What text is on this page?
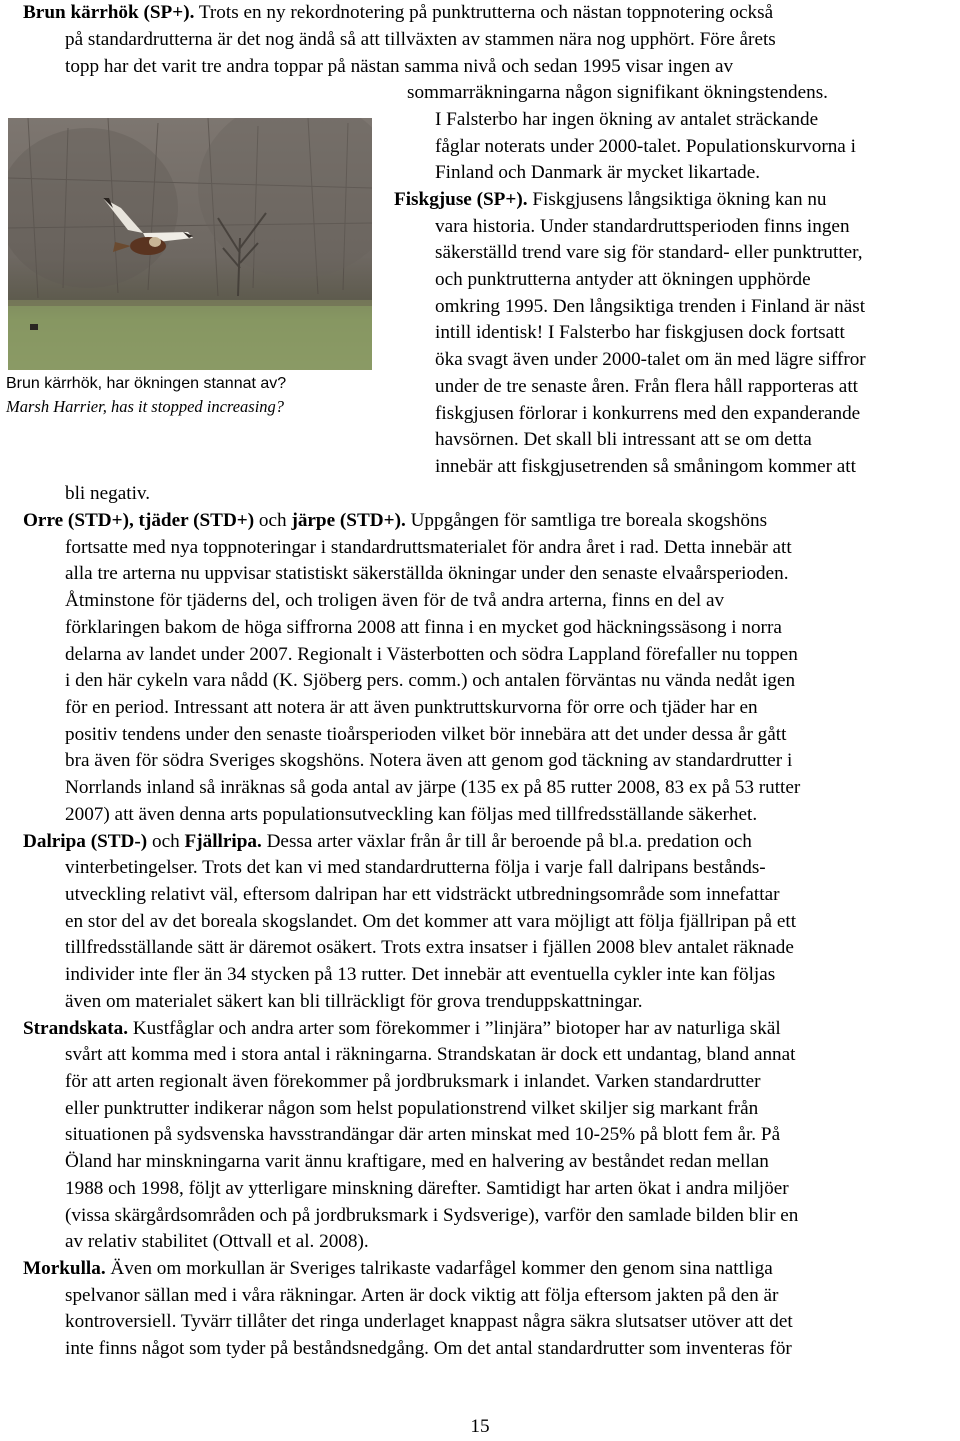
Brun kärrhök (SP+). Trots en ny rekordnotering på punktrutterna och nästan toppnotering också
på standardrutterna är det nog ändå så att tillväxten av stammen nära nog upphört. Före årets
topp har det varit tre andra toppar på nästan samma nivå och sedan 1995 visar ingen av
sommarräkningarna någon signifikant ökningstendens.
I Falsterbo har ingen ökning av antalet sträckande
fåglar noterats under 2000-talet. Populationskurvorna i
Finland och Danmark är mycket likartade.
Fiskgjuse (SP+). Fiskgjusens långsiktiga ökning kan nu
vara historia. Under standardruttsperioden finns ingen
säkerställd trend vare sig för standard- eller punktrutter,
och punktrutterna antyder att ökningen upphörde
omkring 1995. Den långsiktiga trenden i Finland är näst
intill identisk! I Falsterbo har fiskgjusen dock fortsatt
öka svagt även under 2000-talet om än med lägre siffror
under de tre senaste åren. Från flera håll rapporteras att
fiskgjusen förlorar i konkurrens med den expanderande
havsörnen. Det skall bli intressant att se om detta
innebär att fiskgjusetrenden så småningom kommer att
bli negativ.
Brun kärrhök, har ökningen stannat av?
Marsh Harrier, has it stopped increasing?
Orre (STD+), tjäder (STD+) och järpe (STD+). Uppgången för samtliga tre boreala skogshöns
fortsatte med nya toppnoteringar i standardruttsmaterialet för andra året i rad. Detta innebär att
alla tre arterna nu uppvisar statistiskt säkerställda ökningar under den senaste elvaårsperioden.
Åtminstone för tjäderns del, och troligen även för de två andra arterna, finns en del av
förklaringen bakom de höga siffrorna 2008 att finna i en mycket god häckningssäsong i norra
delarna av landet under 2007. Regionalt i Västerbotten och södra Lappland förefaller nu toppen
i den här cykeln vara nådd (K. Sjöberg pers. comm.) och antalen förväntas nu vända nedåt igen
för en period. Intressant att notera är att även punktruttskurvorna för orre och tjäder har en
positiv tendens under den senaste tioårsperioden vilket bör innebära att det under dessa år gått
bra även för södra Sveriges skogshöns. Notera även att genom god täckning av standardrutter i
Norrlands inland så inräknas så goda antal av järpe (135 ex på 85 rutter 2008, 83 ex på 53 rutter
2007) att även denna arts populationsutveckling kan följas med tillfredsställande säkerhet.
Dalripa (STD-) och Fjällripa. Dessa arter växlar från år till år beroende på bl.a. predation och
vinterbetingelser. Trots det kan vi med standardrutterna följa i varje fall dalripans bestånds-
utveckling relativt väl, eftersom dalripan har ett vidsträckt utbredningsområde som innefattar
en stor del av det boreala skogslandet. Om det kommer att vara möjligt att följa fjällripan på ett
tillfredsställande sätt är däremot osäkert. Trots extra insatser i fjällen 2008 blev antalet räknade
individer inte fler än 34 stycken på 13 rutter. Det innebär att eventuella cykler inte kan följas
även om materialet säkert kan bli tillräckligt för grova trenduppskattningar.
Strandskata. Kustfåglar och andra arter som förekommer i ”linjära” biotoper har av naturliga skäl
svårt att komma med i stora antal i räkningarna. Strandskatan är dock ett undantag, bland annat
för att arten regionalt även förekommer på jordbruksmark i inlandet. Varken standardrutter
eller punktrutter indikerar någon som helst populationstrend vilket skiljer sig markant från
situationen på sydsvenska havsstrandängar där arten minskat med 10-25% på blott fem år. På
Öland har minskningarna varit ännu kraftigare, med en halvering av beståndet redan mellan
1988 och 1998, följt av ytterligare minskning därefter. Samtidigt har arten ökat i andra miljöer
(vissa skärgårdsområden och på jordbruksmark i Sydsverige), varför den samlade bilden blir en
av relativ stabilitet (Ottvall et al. 2008).
Morkulla. Även om morkullan är Sveriges talrikaste vadarfågel kommer den genom sina nattliga
spelvanor sällan med i våra räkningar. Arten är dock viktig att följa eftersom jakten på den är
kontroversiell. Tyvärr tillåter det ringa underlaget knappast några säkra slutsatser utöver att det
inte finns något som tyder på beståndsnedgång. Om det antal standardrutter som inventeras för
15
